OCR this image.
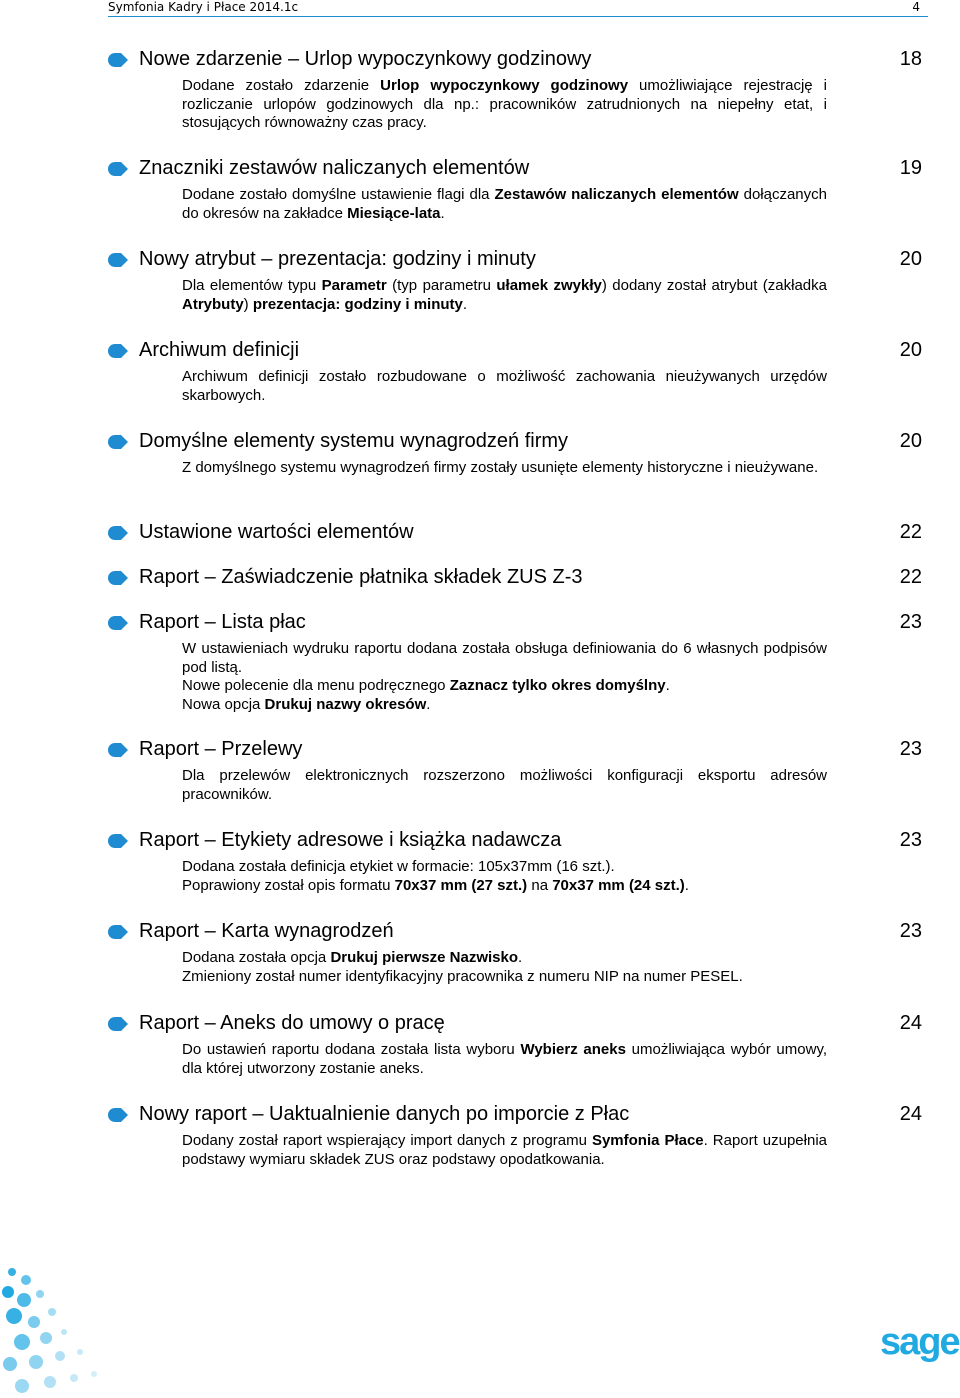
Symfonia Kadry i Płace 2014.1c	4
Nowe zdarzenie – Urlop wypoczynkowy godzinowy	18

Dodane zostało zdarzenie Urlop wypoczynkowy godzinowy umożliwiające rejestrację i rozliczanie urlopów godzinowych dla np.: pracowników zatrudnionych na niepełny etat, i stosujących równoważny czas pracy.

Znaczniki zestawów naliczanych elementów	19

Dodane zostało domyślne ustawienie flagi dla Zestawów naliczanych elementów dołączanych do okresów na zakładce Miesiące-lata.

Nowy atrybut – prezentacja: godziny i minuty	20

Dla elementów typu Parametr (typ parametru ułamek zwykły) dodany został atrybut (zakładka Atrybuty) prezentacja: godziny i minuty.

Archiwum definicji	20

Archiwum definicji zostało rozbudowane o możliwość zachowania nieużywanych urzędów skarbowych.

Domyślne elementy systemu wynagrodzeń firmy	20

Z domyślnego systemu wynagrodzeń firmy zostały usunięte elementy historyczne i nieużywane.

Ustawione wartości elementów	22
Raport – Zaświadczenie płatnika składek ZUS Z-3	22
Raport – Lista płac	23

W ustawieniach wydruku raportu dodana została obsługa definiowania do 6 własnych podpisów pod listą.

Nowe polecenie dla menu podręcznego Zaznacz tylko okres domyślny.

Nowa opcja Drukuj nazwy okresów.

Raport – Przelewy	23

Dla przelewów elektronicznych rozszerzono możliwości konfiguracji eksportu adresów pracowników.

Raport – Etykiety adresowe i książka nadawcza	23

Dodana została definicja etykiet w formacie: 105x37mm (16 szt.).

Poprawiony został opis formatu 70x37 mm (27 szt.) na 70x37 mm (24 szt.).

Raport – Karta wynagrodzeń	23

Dodana została opcja Drukuj pierwsze Nazwisko.

Zmieniony został numer identyfikacyjny pracownika z numeru NIP na numer PESEL.

Raport – Aneks do umowy o pracę	24

Do ustawień raportu dodana została lista wyboru Wybierz aneks umożliwiająca wybór umowy, dla której utworzony zostanie aneks.

Nowy raport – Uaktualnienie danych po imporcie z Płac	24

Dodany został raport wspierający import danych z programu Symfonia Płace. Raport uzupełnia podstawy wymiaru składek ZUS oraz podstawy opodatkowania.

sage
